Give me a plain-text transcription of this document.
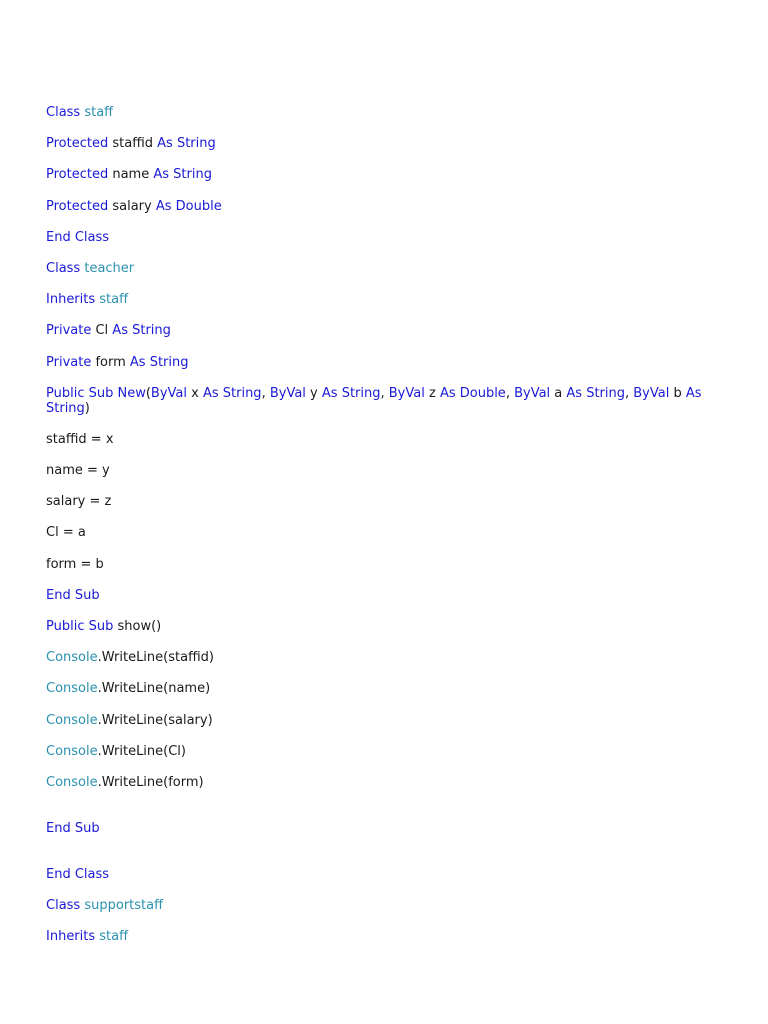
Class staff
Protected staffid As String
Protected name As String
Protected salary As Double
End Class
Class teacher
Inherits staff
Private Cl As String
Private form As String
Public Sub New(ByVal x As String, ByVal y As String, ByVal z As Double, ByVal a As String, ByVal b As String)
staffid = x
name = y
salary = z
Cl = a
form = b
End Sub
Public Sub show()
Console.WriteLine(staffid)
Console.WriteLine(name)
Console.WriteLine(salary)
Console.WriteLine(Cl)
Console.WriteLine(form)
End Sub
End Class
Class supportstaff
Inherits staff
